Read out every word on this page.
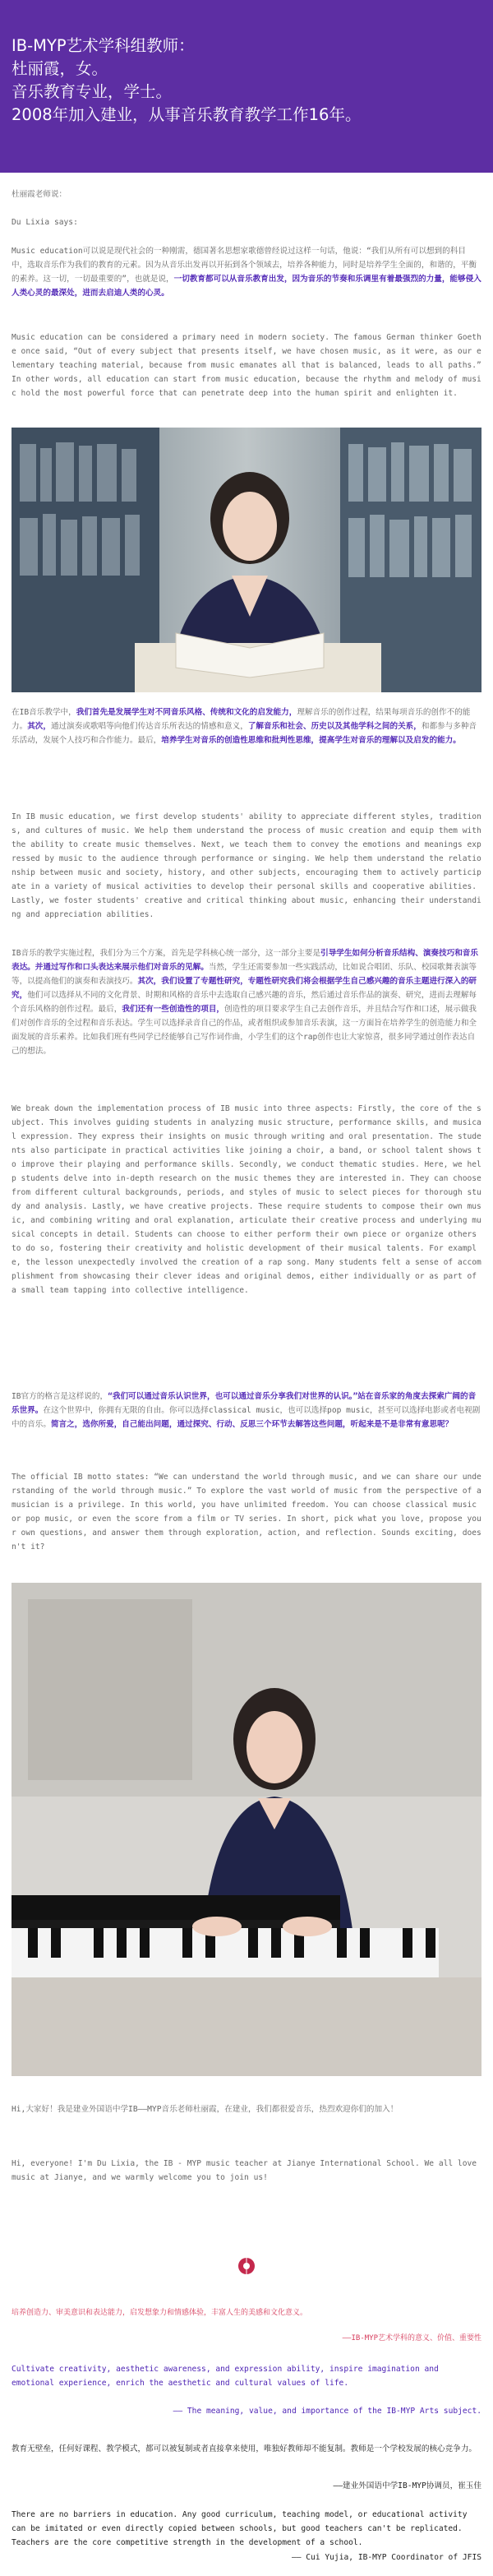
IB-MYP艺术学科组教师：

杜丽霞，女。

音乐教育专业，学士。

2008年加入建业，从事音乐教育教学工作16年。

杜丽霞老师说：
Du Lixia says:
Music education可以说是现代社会的一种刚需，德国著名思想家歌德曾经说过这样一句话，他说：“我们从所有可以想到的科目中，选取音乐作为我们的教育的元素。因为从音乐出发再以开拓到各个领域去，培养各种能力，同时是培养学生全面的，和谐的，平衡的素养。这一切，一切最重要的”，也就是说，一切教育都可以从音乐教育出发，因为音乐的节奏和乐调里有着最强烈的力量，能够侵入人类心灵的最深处，进而去启迪人类的心灵。
Music education can be considered a primary need in modern society. The famous German thinker Goethe once said, “Out of every subject that presents itself, we have chosen music, as it were, as our elementary teaching material, because from music emanates all that is balanced, leads to all paths.” In other words, all education can start from music education, because the rhythm and melody of music hold the most powerful force that can penetrate deep into the human spirit and enlighten it.
在IB音乐教学中，我们首先是发展学生对不同音乐风格、传统和文化的启发能力，理解音乐的创作过程，结果每项音乐的创作不的能力。其次，通过演奏或歌唱等向他们传达音乐所表达的情感和意义，了解音乐和社会、历史以及其他学科之间的关系，和都参与多种音乐活动，发展个人技巧和合作能力。最后，培养学生对音乐的创造性思维和批判性思维，提高学生对音乐的理解以及启发的能力。
In IB music education, we first develop students' ability to appreciate different styles, traditions, and cultures of music. We help them understand the process of music creation and equip them with the ability to create music themselves. Next, we teach them to convey the emotions and meanings expressed by music to the audience through performance or singing. We help them understand the relationship between music and society, history, and other subjects, encouraging them to actively participate in a variety of musical activities to develop their personal skills and cooperative abilities. Lastly, we foster students' creative and critical thinking about music, enhancing their understanding and appreciation abilities.
IB音乐的教学实施过程，我们分为三个方案，首先是学科核心统一部分，这一部分主要是引导学生如何分析音乐结构、演奏技巧和音乐表达。并通过写作和口头表达来展示他们对音乐的见解。当然，学生还需要参加一些实践活动，比如说合唱团、乐队、校园歌舞表演等等，以提高他们的演奏和表演技巧。其次，我们设置了专题性研究，专题性研究我们将会根据学生自己感兴趣的音乐主题进行深入的研究，他们可以选择从不同的文化背景、时期和风格的音乐中去选取自己感兴趣的音乐，然后通过音乐作品的演奏、研究，进而去理解每个音乐风格的创作过程。最后，我们还有一些创造性的项目，创造性的项目要求学生自己去创作音乐，并且结合写作和口述，展示做我们对创作音乐的全过程和音乐表达。学生可以选择录音自己的作品，或者组织或参加音乐表演，这一方面旨在培养学生的创造能力和全面发展的音乐素养。比如我们班有些同学已经能够自己写作词作曲，小学生们的这个rap创作也让大家惊喜，很多同学通过创作表达自己的想法。
We break down the implementation process of IB music into three aspects: Firstly, the core of the subject. This involves guiding students in analyzing music structure, performance skills, and musical expression. They express their insights on music through writing and oral presentation. The students also participate in practical activities like joining a choir, a band, or school talent shows to improve their playing and performance skills. Secondly, we conduct thematic studies. Here, we help students delve into in-depth research on the music themes they are interested in. They can choose from different cultural backgrounds, periods, and styles of music to select pieces for thorough study and analysis. Lastly, we have creative projects. These require students to compose their own music, and combining writing and oral explanation, articulate their creative process and underlying musical concepts in detail. Students can choose to either perform their own piece or organize others to do so, fostering their creativity and holistic development of their musical talents. For example, the lesson unexpectedly involved the creation of a rap song. Many students felt a sense of accomplishment from showcasing their clever ideas and original demos, either individually or as part of a small team tapping into collective intelligence.
IB官方的格言是这样说的，“我们可以通过音乐认识世界，也可以通过音乐分享我们对世界的认识。”站在音乐家的角度去探索广阔的音乐世界。在这个世界中，你拥有无限的自由。你可以选择classical music，也可以选择pop music，甚至可以选择电影或者电视剧中的音乐。简言之，选你所爱，自己能出问题，通过探究、行动、反思三个环节去解答这些问题，听起来是不是非常有意思呢？
The official IB motto states: “We can understand the world through music, and we can share our understanding of the world through music.” To explore the vast world of music from the perspective of a musician is a privilege. In this world, you have unlimited freedom. You can choose classical music or pop music, or even the score from a film or TV series. In short, pick what you love, propose your own questions, and answer them through exploration, action, and reflection. Sounds exciting, doesn't it?
Hi,大家好！我是建业外国语中学IB——MYP音乐老师杜丽霞，在建业，我们都很爱音乐，热烈欢迎你们的加入！
Hi, everyone! I'm Du Lixia, the IB - MYP music teacher at Jianye International School. We all love music at Jianye, and we warmly welcome you to join us!
培养创造力、审美意识和表达能力，启发想象力和情感体验，丰富人生的美感和文化意义。
——IB-MYP艺术学科的意义、价值、重要性
Cultivate creativity, aesthetic awareness, and expression ability, inspire imagination and emotional experience, enrich the aesthetic and cultural values of life.
—— The meaning, value, and importance of the IB-MYP Arts subject.
教育无壁垒，任何好课程、教学模式，都可以被复制或者直接拿来使用，唯独好教师却不能复制。教师是一个学校发展的核心竞争力。
——建业外国语中学IB-MYP协调员，崔玉佳
There are no barriers in education. Any good curriculum, teaching model, or educational activity can be imitated or even directly copied between schools, but good teachers can't be replicated. Teachers are the core competitive strength in the development of a school.
—— Cui Yujia, IB-MYP Coordinator of JFIS
